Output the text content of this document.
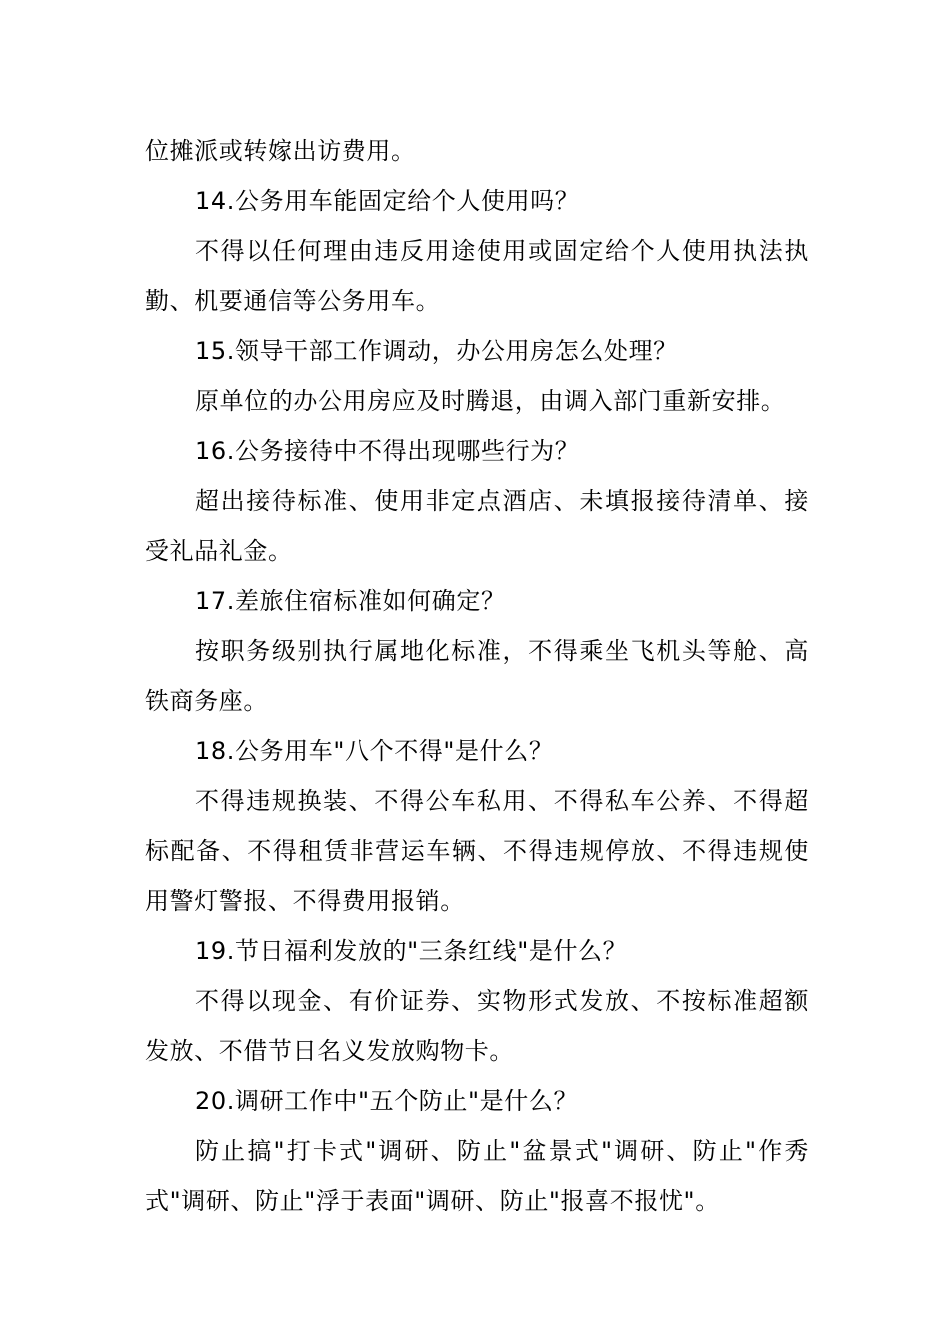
位摊派或转嫁出访费用。

14.公务用车能固定给个人使用吗？

不得以任何理由违反用途使用或固定给个人使用执法执勤、机要通信等公务用车。

15.领导干部工作调动，办公用房怎么处理？

原单位的办公用房应及时腾退，由调入部门重新安排。

16.公务接待中不得出现哪些行为？

超出接待标准、使用非定点酒店、未填报接待清单、接受礼品礼金。

17.差旅住宿标准如何确定？

按职务级别执行属地化标准，不得乘坐飞机头等舱、高铁商务座。

18.公务用车"八个不得"是什么？

不得违规换装、不得公车私用、不得私车公养、不得超标配备、不得租赁非营运车辆、不得违规停放、不得违规使用警灯警报、不得费用报销。

19.节日福利发放的"三条红线"是什么？

不得以现金、有价证券、实物形式发放、不按标准超额发放、不借节日名义发放购物卡。

20.调研工作中"五个防止"是什么？

防止搞"打卡式"调研、防止"盆景式"调研、防止"作秀式"调研、防止"浮于表面"调研、防止"报喜不报忧"。
